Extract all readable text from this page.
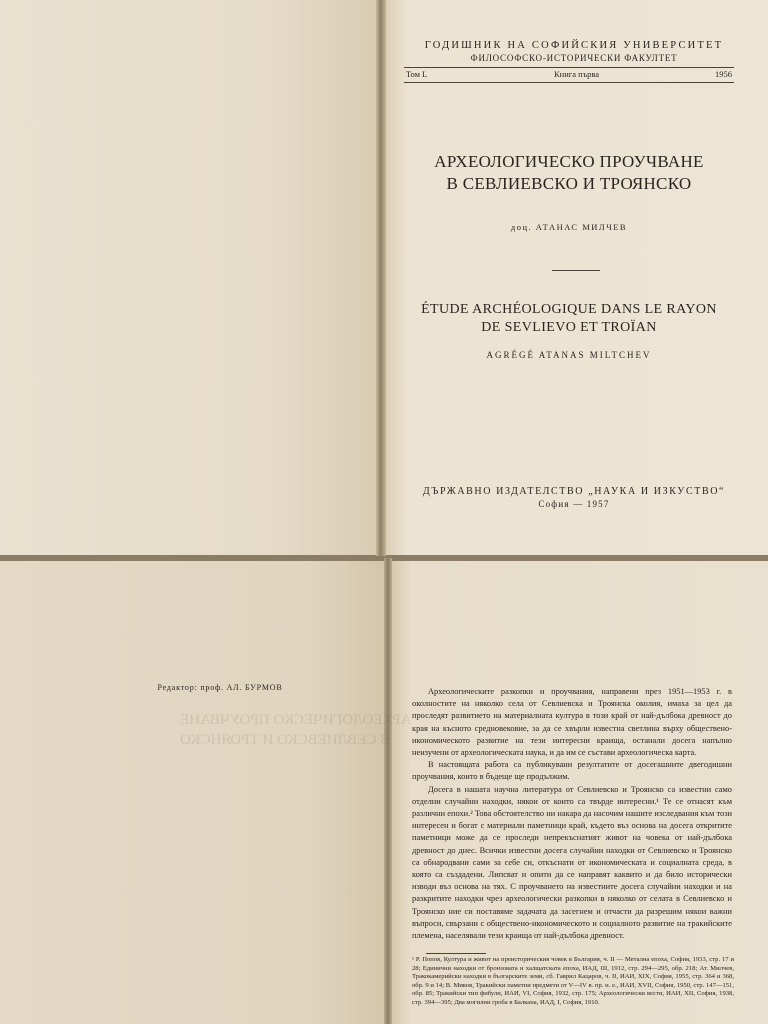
ГОДИШНИК НА СОФИЙСКИЯ УНИВЕРСИТЕТ
ФИЛОСОФСКО-ИСТОРИЧЕСКИ ФАКУЛТЕТ
Том L	Книга първа	1956
АРХЕОЛОГИЧЕСКО ПРОУЧВАНЕ
В СЕВЛИЕВСКО И ТРОЯНСКО
доц. АТАНАС МИЛЧЕВ
ÉTUDE ARCHÉOLOGIQUE DANS LE RAYON
DE SEVLIEVO ET TROÏAN
AGRÉGÉ ATANAS MILTCHEV
ДЪРЖАВНО ИЗДАТЕЛСТВО „НАУКА И ИЗКУСТВО“
София — 1957
Редактор: проф. АЛ. БУРМОВ
АРХЕОЛОГИЧЕСКО ПРОУЧВАНЕ
В СЕВЛИЕВСКО И ТРОЯНСКО

Археологическите разкопки и проучвания, направени през 1951—1953 г. в околностите на няколко села от Севлиевска и Троянска околия, имаха за цел да проследят развитието на материалната култура в този край от най-дълбока древност до края на късното средновековие, за да се хвърли известна светлина върху обществено-икономическото развитие на тези интересни краища, останали досега напълно неизучени от археологическата наука, и да им се състави археологическа карта.

В настоящата работа са публикувани резултатите от досегашните двегодишни проучвания, които в бъдеще ще продължим.

Досега в нашата научна литература от Севлиевско и Троянско са известни само отделни случайни находки, някои от които са твърде интересни.¹ Те се отнасят към различни епохи.² Това обстоятелство ни накара да насочим нашите изследвания към този интересен и богат с материали паметници край, където въз основа на досега откритите паметници може да се проследи непрекъснатият живот на човека от най-дълбока древност до днес. Всички известни досега случайни находки от Севлиевско и Троянско са обнародвани сами за себе си, откъснати от икономическата и социалната среда, в която са създадени. Липсват и опити да се направят каквито и да било исторически изводи въз основа на тях. С проучването на известните досега случайни находки и на разкритите находки чрез археологически разкопки в няколко от селата в Севлиевско и Троянско ние си поставяме задачата да засегнем и отчасти да разрешим някои важни въпроси, свързани с обществено-икономическото и социалното развитие на тракийските племена, населявали тези краища от най-дълбока древност.

¹ Р. Попов, Култура и живот на преисторическия човек в България, ч. II — Метална епоха, София, 1933, стр. 17 и 28; Единични находки от бронзовата и халщатската епоха, ИАД, III, 1912, стр. 294—295, обр. 218; Ат. Милчев, Тракокамерийски находки в българските земи, сб. Гаврил Кацаров, ч. II, ИАИ, XIX, София, 1955, стр. 364 и 368, обр. 9 и 14; В. Миков, Тракийски паметни предмети от V—IV в. пр. н. е., ИАИ, XVII, София, 1950, стр. 147—151, обр. 85; Тракийски тип фибули, ИАИ, VI, София, 1932, стр. 175; Археологически вести, ИАИ, XII, София, 1938, стр. 394—395; Два могилни гроба в Балкана, ИАД, I, София, 1910.
